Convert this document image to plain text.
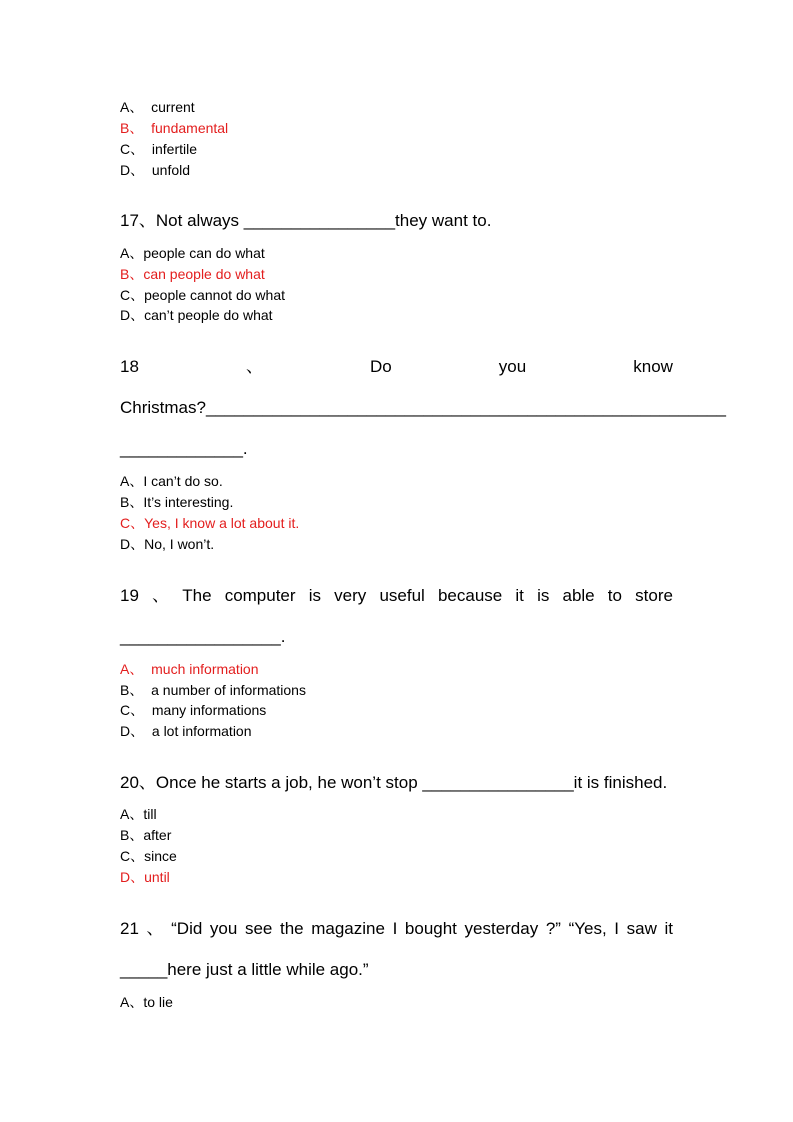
A、  current
B、  fundamental
C、  infertile
D、  unfold
17、Not always ________________they want to.
A、people can do what
B、can people do what
C、people cannot do what
D、can’t people do what
18	、	Do	you	know
Christmas?_______________________________________________________
_____________.
A、I can’t do so.
B、It’s interesting.
C、Yes, I know a lot about it.
D、No, I won’t.
19 、 The computer is very useful because it is able to store
_________________.
A、  much information
B、  a number of informations
C、  many informations
D、  a lot information
20、Once he starts a job, he won’t stop ________________it is finished.
A、till
B、after
C、since
D、until
21 、 “Did you see the magazine I bought yesterday ?” “Yes, I saw it
_____here just a little while ago.”
A、to lie
